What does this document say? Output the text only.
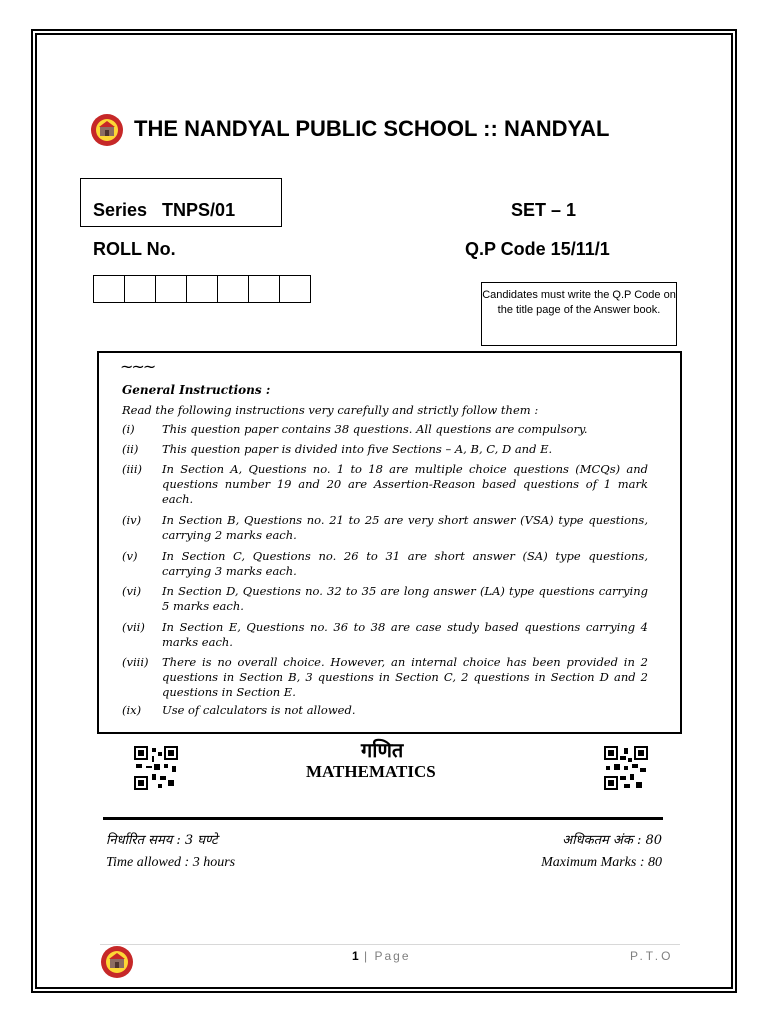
THE NANDYAL PUBLIC SCHOOL :: NANDYAL
Series   TNPS/01	SET – 1
ROLL No.	Q.P Code 15/11/1
Candidates must write the Q.P Code on the title page of the Answer book.
~~~
General Instructions :
Read the following instructions very carefully and strictly follow them :
(i)	This question paper contains 38 questions. All questions are compulsory.
(ii)	This question paper is divided into five Sections – A, B, C, D and E.
(iii)	In Section A, Questions no. 1 to 18 are multiple choice questions (MCQs) and questions number 19 and 20 are Assertion-Reason based questions of 1 mark each.
(iv)	In Section B, Questions no. 21 to 25 are very short answer (VSA) type questions, carrying 2 marks each.
(v)	In Section C, Questions no. 26 to 31 are short answer (SA) type questions, carrying 3 marks each.
(vi)	In Section D, Questions no. 32 to 35 are long answer (LA) type questions carrying 5 marks each.
(vii)	In Section E, Questions no. 36 to 38 are case study based questions carrying 4 marks each.
(viii)	There is no overall choice. However, an internal choice has been provided in 2 questions in Section B, 3 questions in Section C, 2 questions in Section D and 2 questions in Section E.
(ix)	Use of calculators is not allowed.
गणित
MATHEMATICS
निर्धारित समय : 3 घण्टे
Time allowed : 3 hours
अधिकतम अंक : 80
Maximum Marks : 80
1 | Page	P.T.O
